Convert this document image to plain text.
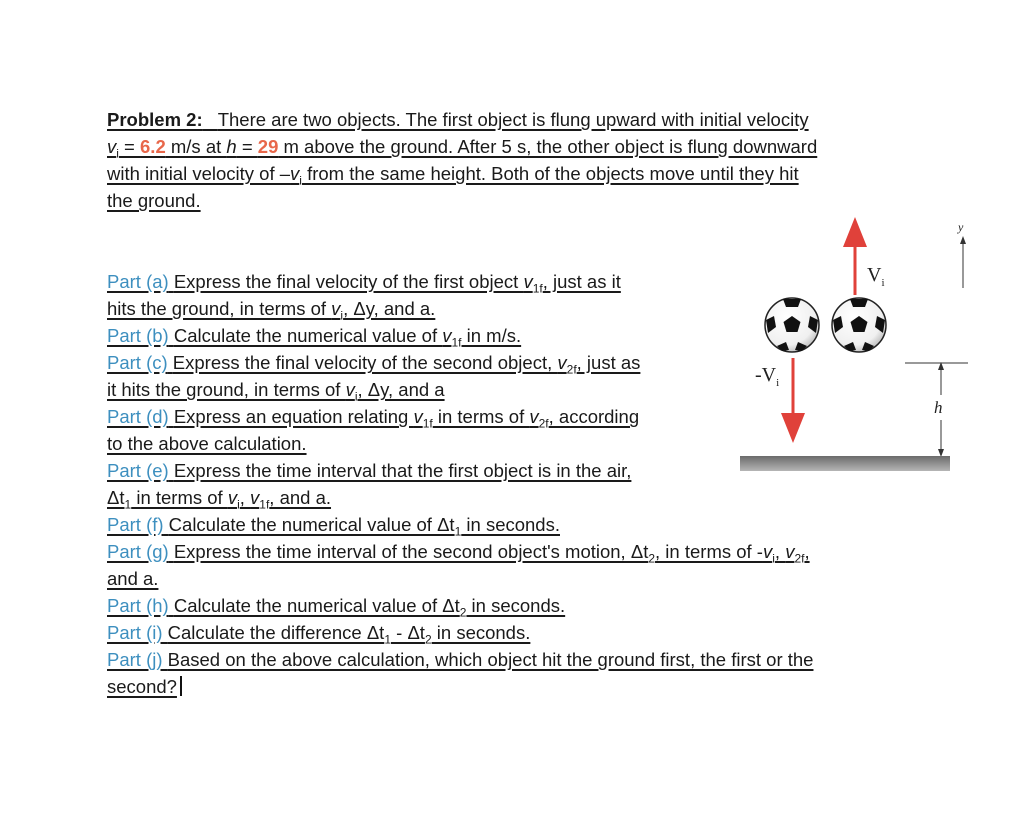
Problem 2: There are two objects. The first object is flung upward with initial velocity
$v_i = 6.2$ m/s at h = 29 m above the ground. After 5 s, the other object is flung downward
with initial velocity of $-v_i$ from the same height. Both of the objects move until they hit
the ground.
Part (a) Express the final velocity of the first object $v_{1f}$, just as it
hits the ground, in terms of $v_i$, Δy, and a.
Part (b) Calculate the numerical value of $v_{1f}$ in m/s.
Part (c) Express the final velocity of the second object, $v_{2f}$, just as
it hits the ground, in terms of $v_i$, Δy, and a
Part (d) Express an equation relating $v_{1f}$ in terms of $v_{2f}$, according
to the above calculation.
Part (e) Express the time interval that the first object is in the air,
$\Delta t_1$ in terms of $v_i$, $v_{1f}$, and a.
Part (f) Calculate the numerical value of $\Delta t_1$ in seconds.
Part (g) Express the time interval of the second object's motion, $\Delta t_2$, in terms of $-v_i$, $v_{2f}$,
and a.
Part (h) Calculate the numerical value of $\Delta t_2$ in seconds.
Part (i) Calculate the difference $\Delta t_1 - \Delta t_2$ in seconds.
Part (j) Based on the above calculation, which object hit the ground first, the first or the
second?
$V_i$
$-V_i$
h
y
